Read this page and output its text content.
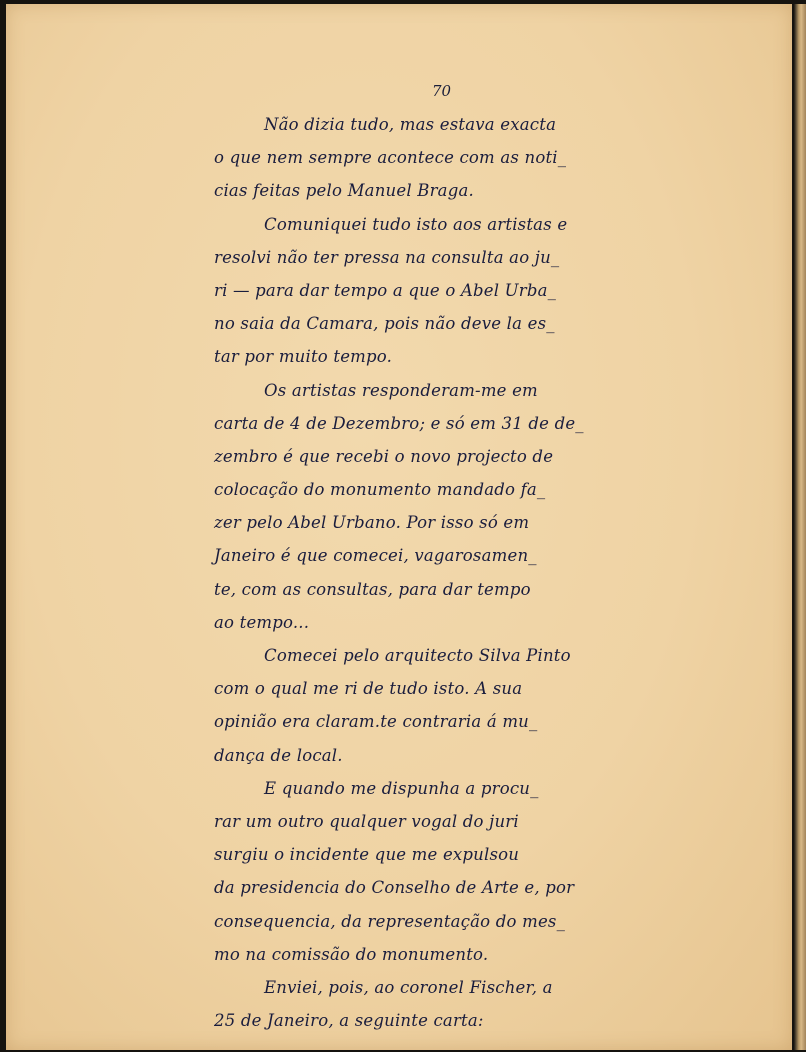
70
Não dizia tudo, mas estava exacta
o que nem sempre acontece com as noti_
cias feitas pelo Manuel Braga.
Comuniquei tudo isto aos artistas e
resolvi não ter pressa na consulta ao ju_
ri — para dar tempo a que o Abel Urba_
no saia da Camara, pois não deve la es_
tar por muito tempo.
Os artistas responderam-me em
carta de 4 de Dezembro; e só em 31 de de_
zembro é que recebi o novo projecto de
colocação do monumento mandado fa_
zer pelo Abel Urbano. Por isso só em
Janeiro é que comecei, vagarosamen_
te, com as consultas, para dar tempo
ao tempo...
Comecei pelo arquitecto Silva Pinto
com o qual me ri de tudo isto. A sua
opinião era claram.te contraria á mu_
dança de local.
E quando me dispunha a procu_
rar um outro qualquer vogal do juri
surgiu o incidente que me expulsou
da presidencia do Conselho de Arte e, por
consequencia, da representação do mes_
mo na comissão do monumento.
Enviei, pois, ao coronel Fischer, a
25 de Janeiro, a seguinte carta:
